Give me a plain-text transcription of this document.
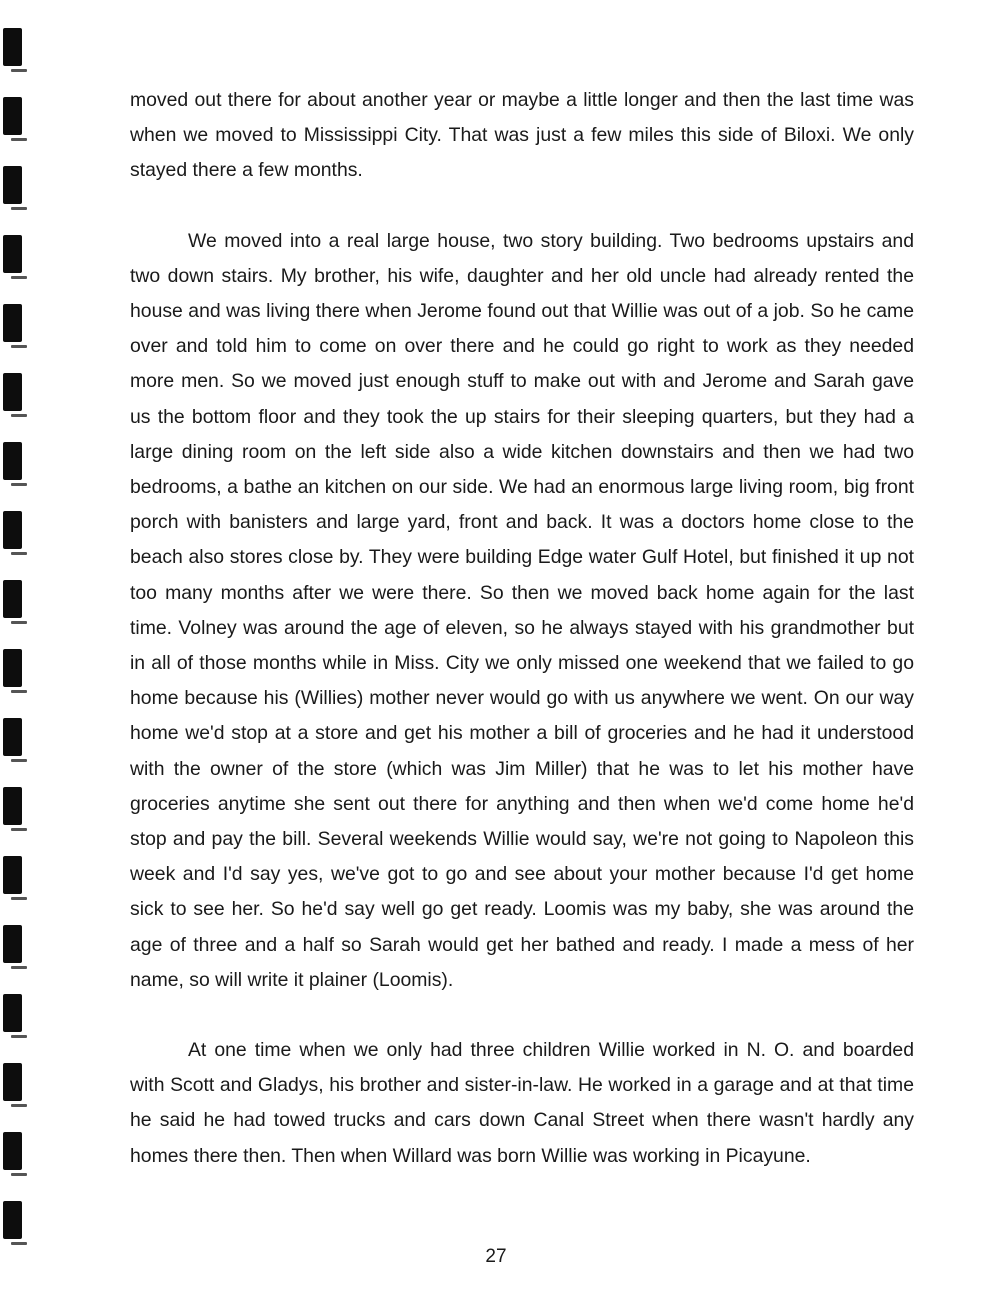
moved out there for about another year or maybe a little longer and then the last time was when we moved to Mississippi City. That was just a few miles this side of Biloxi. We only stayed there a few months.

We moved into a real large house, two story building. Two bedrooms upstairs and two down stairs. My brother, his wife, daughter and her old uncle had already rented the house and was living there when Jerome found out that Willie was out of a job. So he came over and told him to come on over there and he could go right to work as they needed more men. So we moved just enough stuff to make out with and Jerome and Sarah gave us the bottom floor and they took the up stairs for their sleeping quarters, but they had a large dining room on the left side also a wide kitchen downstairs and then we had two bedrooms, a bathe an kitchen on our side. We had an enormous large living room, big front porch with banisters and large yard, front and back. It was a doctors home close to the beach also stores close by. They were building Edge water Gulf Hotel, but finished it up not too many months after we were there. So then we moved back home again for the last time. Volney was around the age of eleven, so he always stayed with his grandmother but in all of those months while in Miss. City we only missed one weekend that we failed to go home because his (Willies) mother never would go with us anywhere we went. On our way home we'd stop at a store and get his mother a bill of groceries and he had it understood with the owner of the store (which was Jim Miller) that he was to let his mother have groceries anytime she sent out there for anything and then when we'd come home he'd stop and pay the bill. Several weekends Willie would say, we're not going to Napoleon this week and I'd say yes, we've got to go and see about your mother because I'd get home sick to see her. So he'd say well go get ready. Loomis was my baby, she was around the age of three and a half so Sarah would get her bathed and ready. I made a mess of her name, so will write it plainer (Loomis).

At one time when we only had three children Willie worked in N. O. and boarded with Scott and Gladys, his brother and sister-in-law. He worked in a garage and at that time he said he had towed trucks and cars down Canal Street when there wasn't hardly any homes there then. Then when Willard was born Willie was working in Picayune.

27
